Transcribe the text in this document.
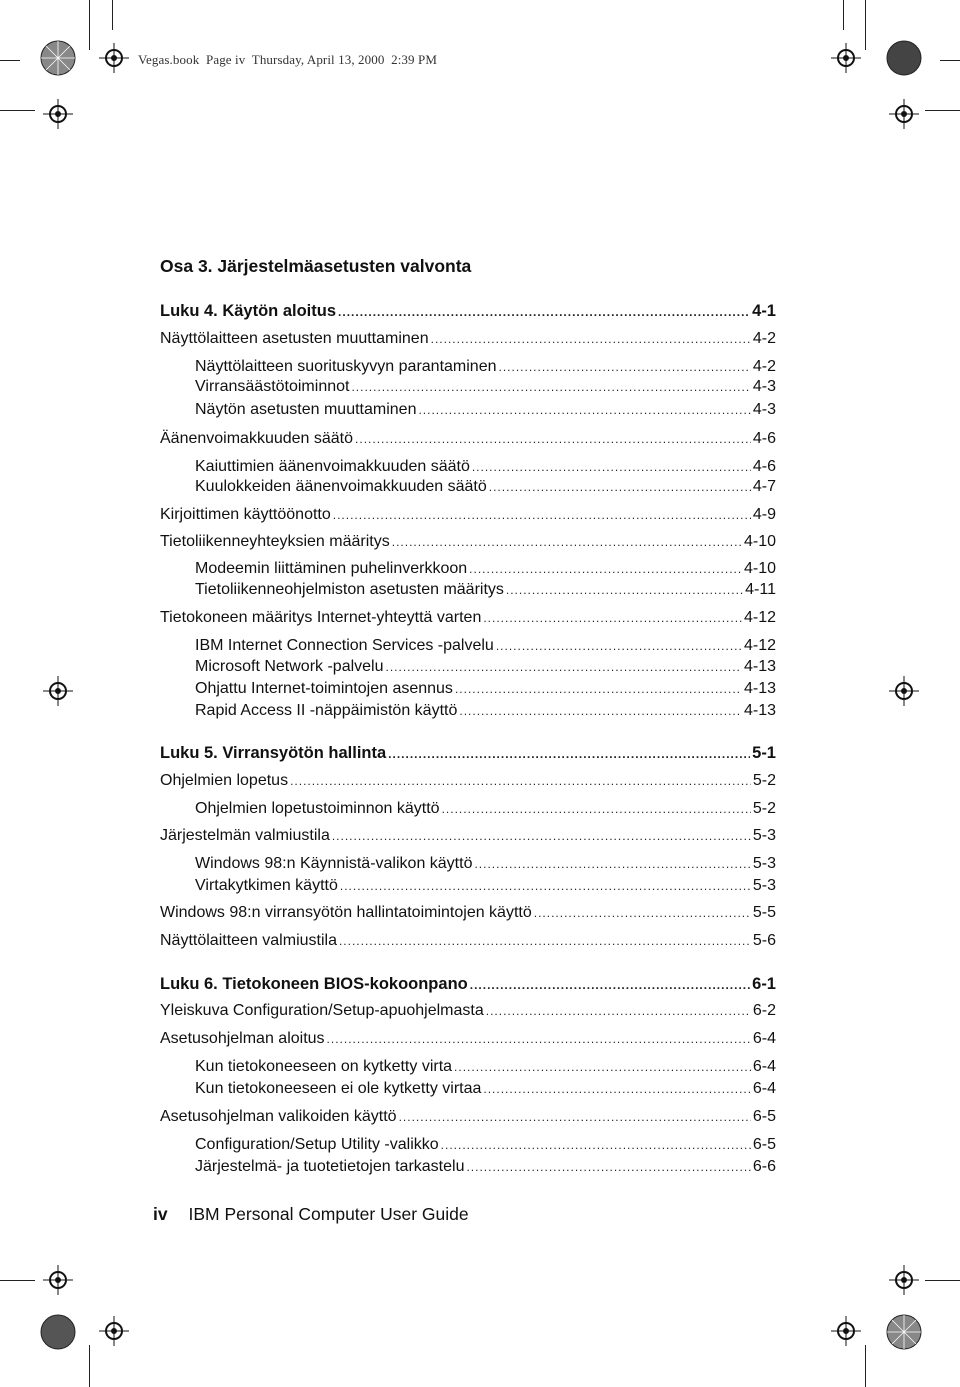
Vegas.book  Page iv  Thursday, April 13, 2000  2:39 PM
Osa 3. Järjestelmäasetusten valvonta
Luku 4. Käytön aloitus .....	4-1
Näyttölaitteen asetusten muuttaminen .....	4-2
Näyttölaitteen suorituskyvyn parantaminen .....	4-2
Virransäästötoiminnot .....	4-3
Näytön asetusten muuttaminen .....	4-3
Äänenvoimakkuuden säätö .....	4-6
Kaiuttimien äänenvoimakkuuden säätö .....	4-6
Kuulokkeiden äänenvoimakkuuden säätö .....	4-7
Kirjoittimen käyttöönotto .....	4-9
Tietoliikenneyhteyksien määritys .....	4-10
Modeemin liittäminen puhelinverkkoon .....	4-10
Tietoliikenneohjelmiston asetusten määritys .....	4-11
Tietokoneen määritys Internet-yhteyttä varten .....	4-12
IBM Internet Connection Services -palvelu .....	4-12
Microsoft Network -palvelu .....	4-13
Ohjattu Internet-toimintojen asennus .....	4-13
Rapid Access II -näppäimistön käyttö .....	4-13
Luku 5. Virransyötön hallinta .....	5-1
Ohjelmien lopetus .....	5-2
Ohjelmien lopetustoiminnon käyttö .....	5-2
Järjestelmän valmiustila .....	5-3
Windows 98:n Käynnistä-valikon käyttö .....	5-3
Virtakytkimen käyttö .....	5-3
Windows 98:n virransyötön hallintatoimintojen käyttö .....	5-5
Näyttölaitteen valmiustila .....	5-6
Luku 6. Tietokoneen BIOS-kokoonpano .....	6-1
Yleiskuva Configuration/Setup-apuohjelmasta .....	6-2
Asetusohjelman aloitus .....	6-4
Kun tietokoneeseen on kytketty virta .....	6-4
Kun tietokoneeseen ei ole kytketty virtaa .....	6-4
Asetusohjelman valikoiden käyttö .....	6-5
Configuration/Setup Utility -valikko .....	6-5
Järjestelmä- ja tuotetietojen tarkastelu .....	6-6
iv IBM Personal Computer User Guide
